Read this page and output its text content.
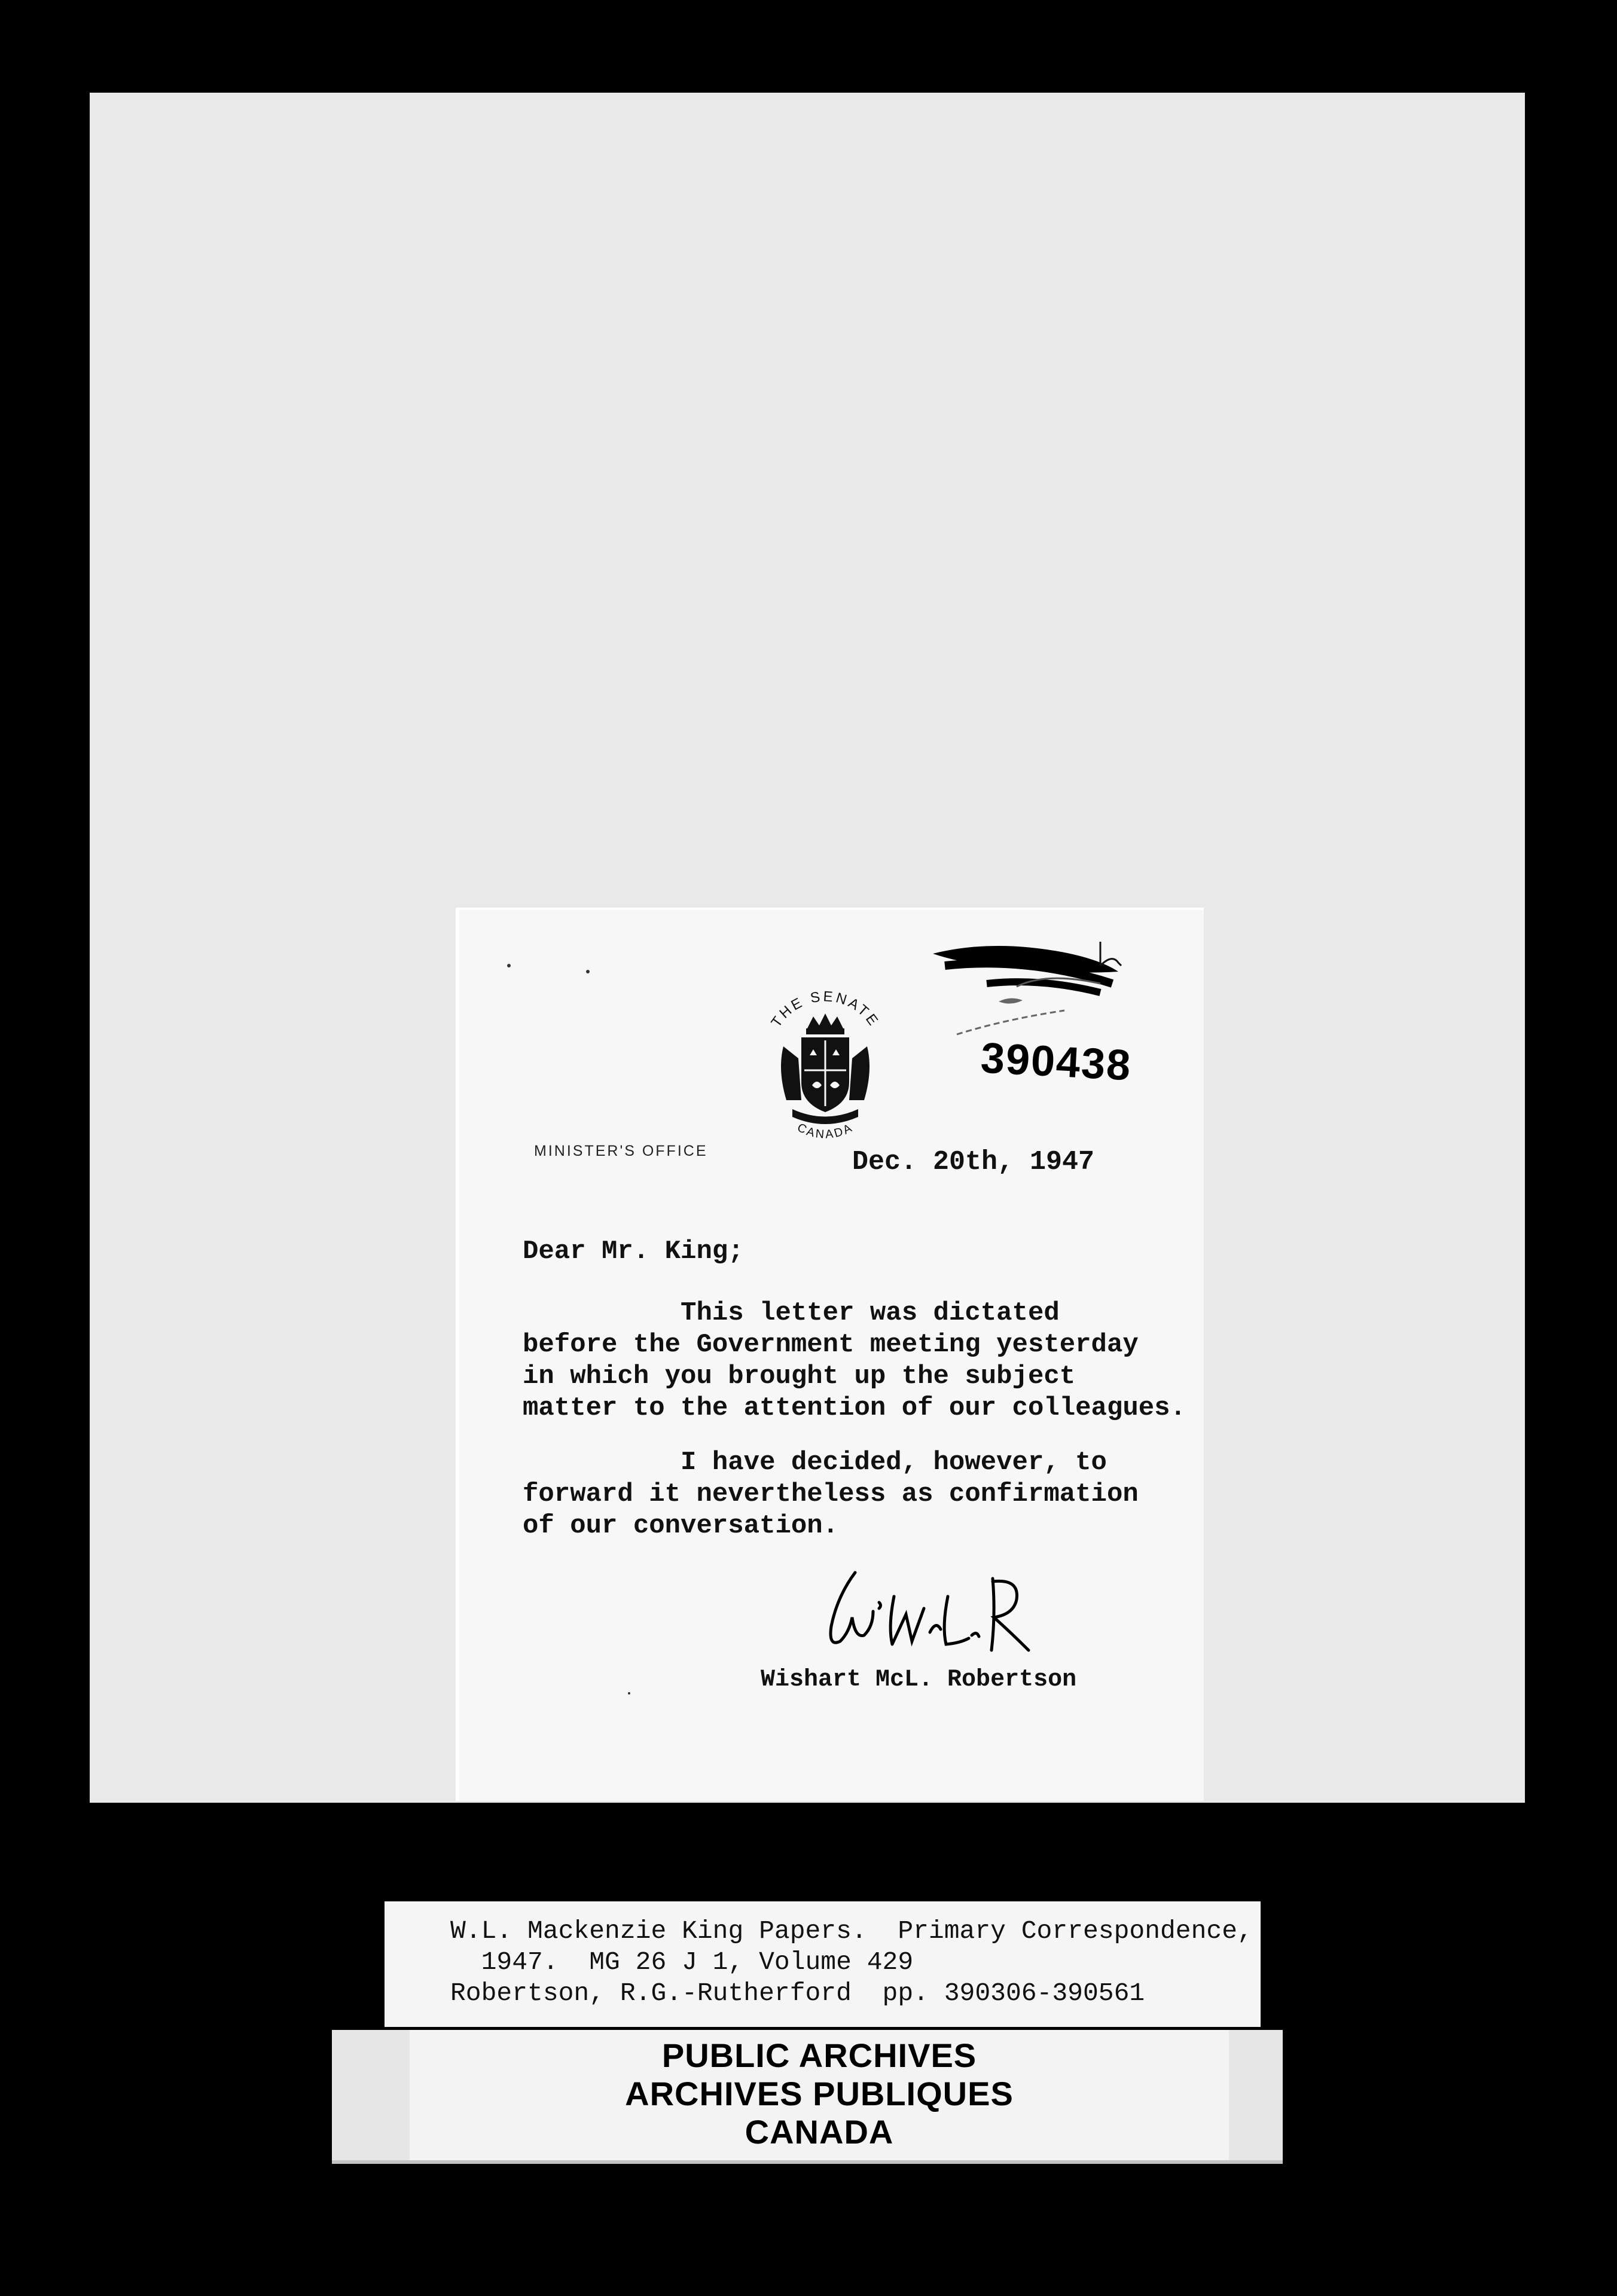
THE SENATE
CANADA
MINISTER'S OFFICE
390438
Dec. 20th, 1947
Dear Mr. King;
This letter was dictated
before the Government meeting yesterday
in which you brought up the subject
matter to the attention of our colleagues.
I have decided, however, to
forward it nevertheless as confirmation
of our conversation.
Wishart McL. Robertson
W.L. Mackenzie King Papers.  Primary Correspondence,
1947.  MG 26 J 1, Volume 429
Robertson, R.G.-Rutherford  pp. 390306-390561
PUBLIC ARCHIVES
ARCHIVES PUBLIQUES
CANADA
